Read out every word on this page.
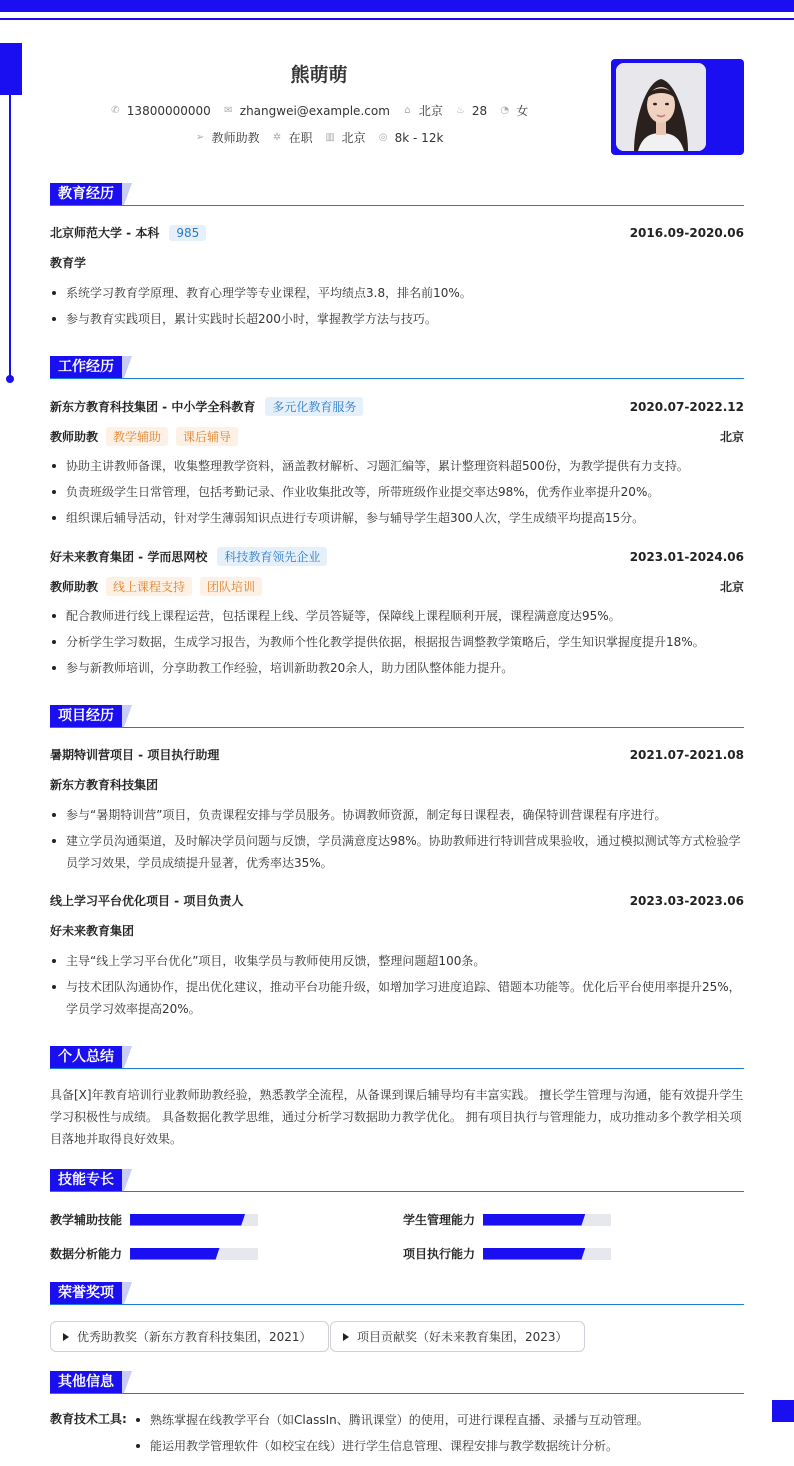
熊萌萌
✆ 13800000000 ✉ zhangwei@example.com ⌂ 北京 ♨ 28 ◔ 女
➢ 教师助教 ✲ 在职 ▥ 北京 ◎ 8k - 12k
教育经历
北京师范大学 - 本科	985	2016.09-2020.06
教育学
系统学习教育学原理、教育心理学等专业课程，平均绩点3.8，排名前10%。
参与教育实践项目，累计实践时长超200小时，掌握教学方法与技巧。
工作经历
新东方教育科技集团 - 中小学全科教育	多元化教育服务	2020.07-2022.12
教师助教	教学辅助	课后辅导	北京
协助主讲教师备课，收集整理教学资料，涵盖教材解析、习题汇编等，累计整理资料超500份，为教学提供有力支持。
负责班级学生日常管理，包括考勤记录、作业收集批改等，所带班级作业提交率达98%，优秀作业率提升20%。
组织课后辅导活动，针对学生薄弱知识点进行专项讲解，参与辅导学生超300人次，学生成绩平均提高15分。
好未来教育集团 - 学而思网校	科技教育领先企业	2023.01-2024.06
教师助教	线上课程支持	团队培训	北京
配合教师进行线上课程运营，包括课程上线、学员答疑等，保障线上课程顺利开展，课程满意度达95%。
分析学生学习数据，生成学习报告，为教师个性化教学提供依据，根据报告调整教学策略后，学生知识掌握度提升18%。
参与新教师培训，分享助教工作经验，培训新助教20余人，助力团队整体能力提升。
项目经历
暑期特训营项目 - 项目执行助理	2021.07-2021.08
新东方教育科技集团
参与“暑期特训营”项目，负责课程安排与学员服务。协调教师资源，制定每日课程表，确保特训营课程有序进行。
建立学员沟通渠道，及时解决学员问题与反馈，学员满意度达98%。协助教师进行特训营成果验收，通过模拟测试等方式检验学员学习效果，学员成绩提升显著，优秀率达35%。
线上学习平台优化项目 - 项目负责人	2023.03-2023.06
好未来教育集团
主导“线上学习平台优化”项目，收集学员与教师使用反馈，整理问题超100条。
与技术团队沟通协作，提出优化建议，推动平台功能升级，如增加学习进度追踪、错题本功能等。优化后平台使用率提升25%，学员学习效率提高20%。
个人总结
具备[X]年教育培训行业教师助教经验，熟悉教学全流程，从备课到课后辅导均有丰富实践。 擅长学生管理与沟通，能有效提升学生学习积极性与成绩。 具备数据化教学思维，通过分析学习数据助力教学优化。 拥有项目执行与管理能力，成功推动多个教学相关项目落地并取得良好效果。
技能专长
教学辅助技能	学生管理能力
数据分析能力	项目执行能力
荣誉奖项
优秀助教奖（新东方教育科技集团，2021）	项目贡献奖（好未来教育集团，2023）
其他信息
教育技术工具:	熟练掌握在线教学平台（如ClassIn、腾讯课堂）的使用，可进行课程直播、录播与互动管理。
能运用教学管理软件（如校宝在线）进行学生信息管理、课程安排与教学数据统计分析。
